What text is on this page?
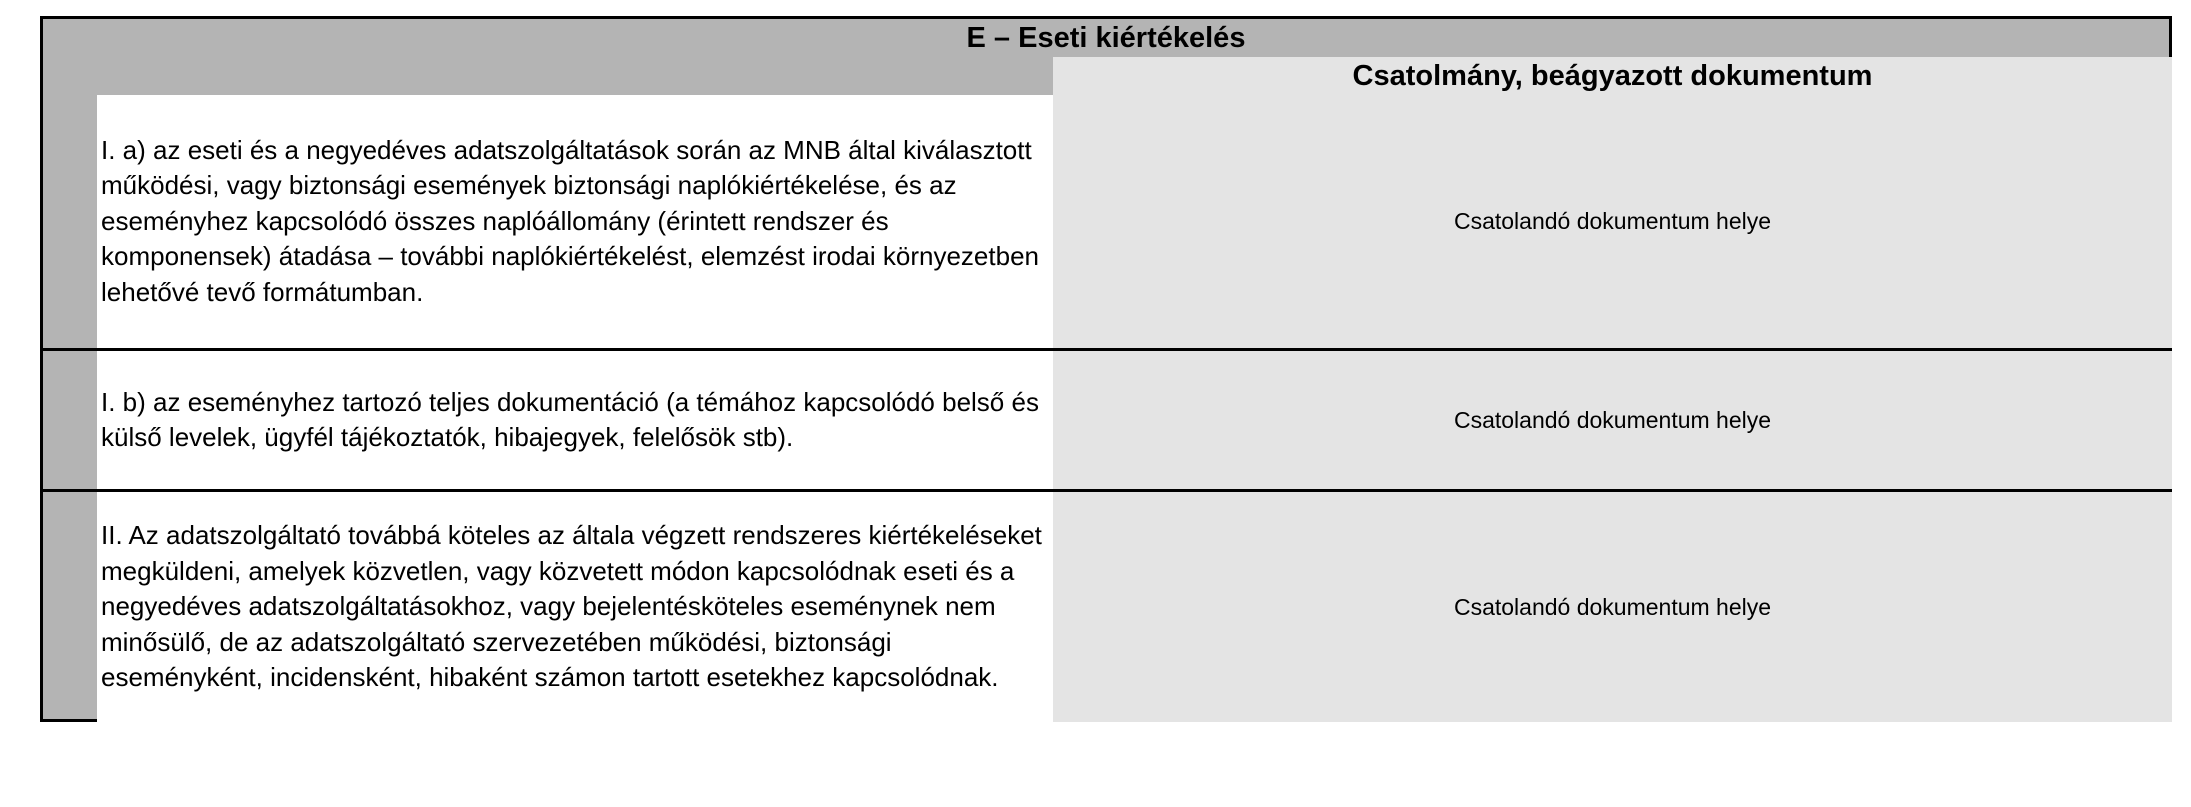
E – Eseti kiértékelés
Csatolmány, beágyazott dokumentum
I. a) az eseti és a negyedéves adatszolgáltatások során az MNB által kiválasztott működési, vagy biztonsági események biztonsági naplókiértékelése, és az eseményhez kapcsolódó összes naplóállomány (érintett rendszer és komponensek) átadása – további naplókiértékelést, elemzést irodai környezetben lehetővé tevő formátumban.
Csatolandó dokumentum helye
I. b) az eseményhez tartozó teljes dokumentáció (a témához kapcsolódó belső és külső levelek, ügyfél tájékoztatók, hibajegyek, felelősök stb).
Csatolandó dokumentum helye
II. Az adatszolgáltató továbbá köteles az általa végzett rendszeres kiértékeléseket megküldeni, amelyek közvetlen, vagy közvetett módon kapcsolódnak eseti és a negyedéves adatszolgáltatásokhoz, vagy bejelentésköteles eseménynek nem minősülő, de az adatszolgáltató szervezetében működési, biztonsági eseményként, incidensként, hibaként számon tartott esetekhez kapcsolódnak.
Csatolandó dokumentum helye
